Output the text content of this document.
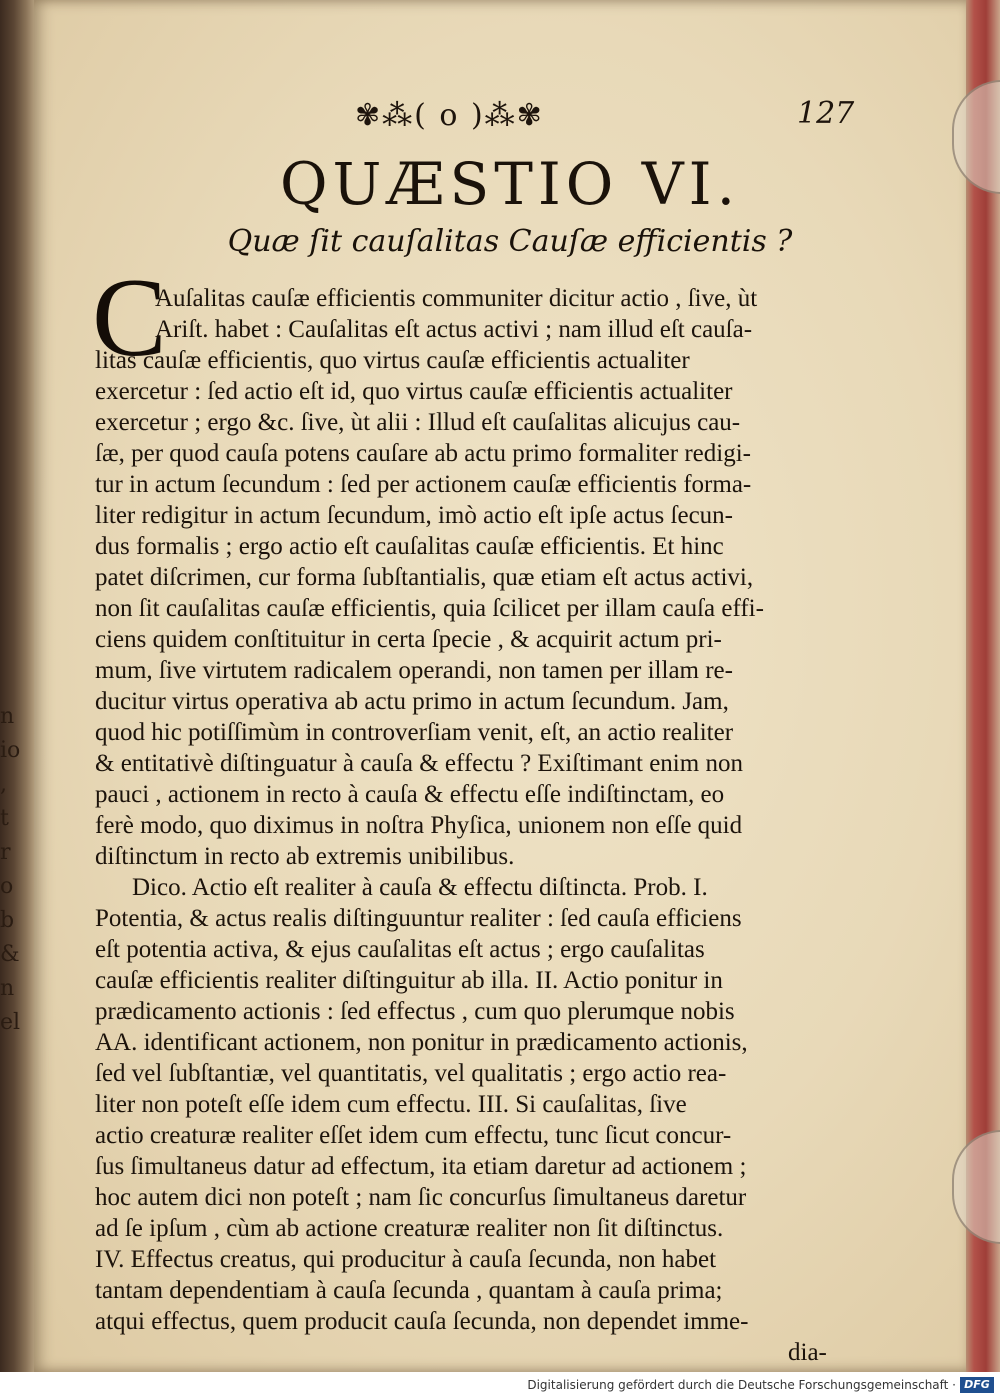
n
io
,
t
r
o
b
&
n
el
✾⁂( o )⁂✾	127
QUÆSTIO VI.
Quæ ſit cauſalitas Cauſæ efficientis ?
C
Auſalitas cauſæ efficientis communiter dicitur actio , ſive, ùt
Ariſt. habet : Cauſalitas eſt actus activi ; nam illud eſt cauſa-
litas cauſæ efficientis, quo virtus cauſæ efficientis actualiter
exercetur : ſed actio eſt id, quo virtus cauſæ efficientis actualiter
exercetur ; ergo &c. ſive, ùt alii : Illud eſt cauſalitas alicujus cau-
ſæ, per quod cauſa potens cauſare ab actu primo formaliter redigi-
tur in actum ſecundum : ſed per actionem cauſæ efficientis forma-
liter redigitur in actum ſecundum, imò actio eſt ipſe actus ſecun-
dus formalis ; ergo actio eſt cauſalitas cauſæ efficientis. Et hinc
patet diſcrimen, cur forma ſubſtantialis, quæ etiam eſt actus activi,
non ſit cauſalitas cauſæ efficientis, quia ſcilicet per illam cauſa effi-
ciens quidem conſtituitur in certa ſpecie , & acquirit actum pri-
mum, ſive virtutem radicalem operandi, non tamen per illam re-
ducitur virtus operativa ab actu primo in actum ſecundum. Jam,
quod hic potiſſimùm in controverſiam venit, eſt, an actio realiter
& entitativè diſtinguatur à cauſa & effectu ? Exiſtimant enim non
pauci , actionem in recto à cauſa & effectu eſſe indiſtinctam, eo
ferè modo, quo diximus in noſtra Phyſica, unionem non eſſe quid
diſtinctum in recto ab extremis unibilibus.
Dico. Actio eſt realiter à cauſa & effectu diſtincta. Prob. I.
Potentia, & actus realis diſtinguuntur realiter : ſed cauſa efficiens
eſt potentia activa, & ejus cauſalitas eſt actus ; ergo cauſalitas
cauſæ efficientis realiter diſtinguitur ab illa. II. Actio ponitur in
prædicamento actionis : ſed effectus , cum quo plerumque nobis
AA. identificant actionem, non ponitur in prædicamento actionis,
ſed vel ſubſtantiæ, vel quantitatis, vel qualitatis ; ergo actio rea-
liter non poteſt eſſe idem cum effectu. III. Si cauſalitas, ſive
actio creaturæ realiter eſſet idem cum effectu, tunc ſicut concur-
ſus ſimultaneus datur ad effectum, ita etiam daretur ad actionem ;
hoc autem dici non poteſt ; nam ſic concurſus ſimultaneus daretur
ad ſe ipſum , cùm ab actione creaturæ realiter non ſit diſtinctus.
IV. Effectus creatus, qui producitur à cauſa ſecunda, non habet
tantam dependentiam à cauſa ſecunda , quantam à cauſa prima;
atqui effectus, quem producit cauſa ſecunda, non dependet imme-
dia-
Digitalisierung gefördert durch die Deutsche Forschungsgemeinschaft · DFG
